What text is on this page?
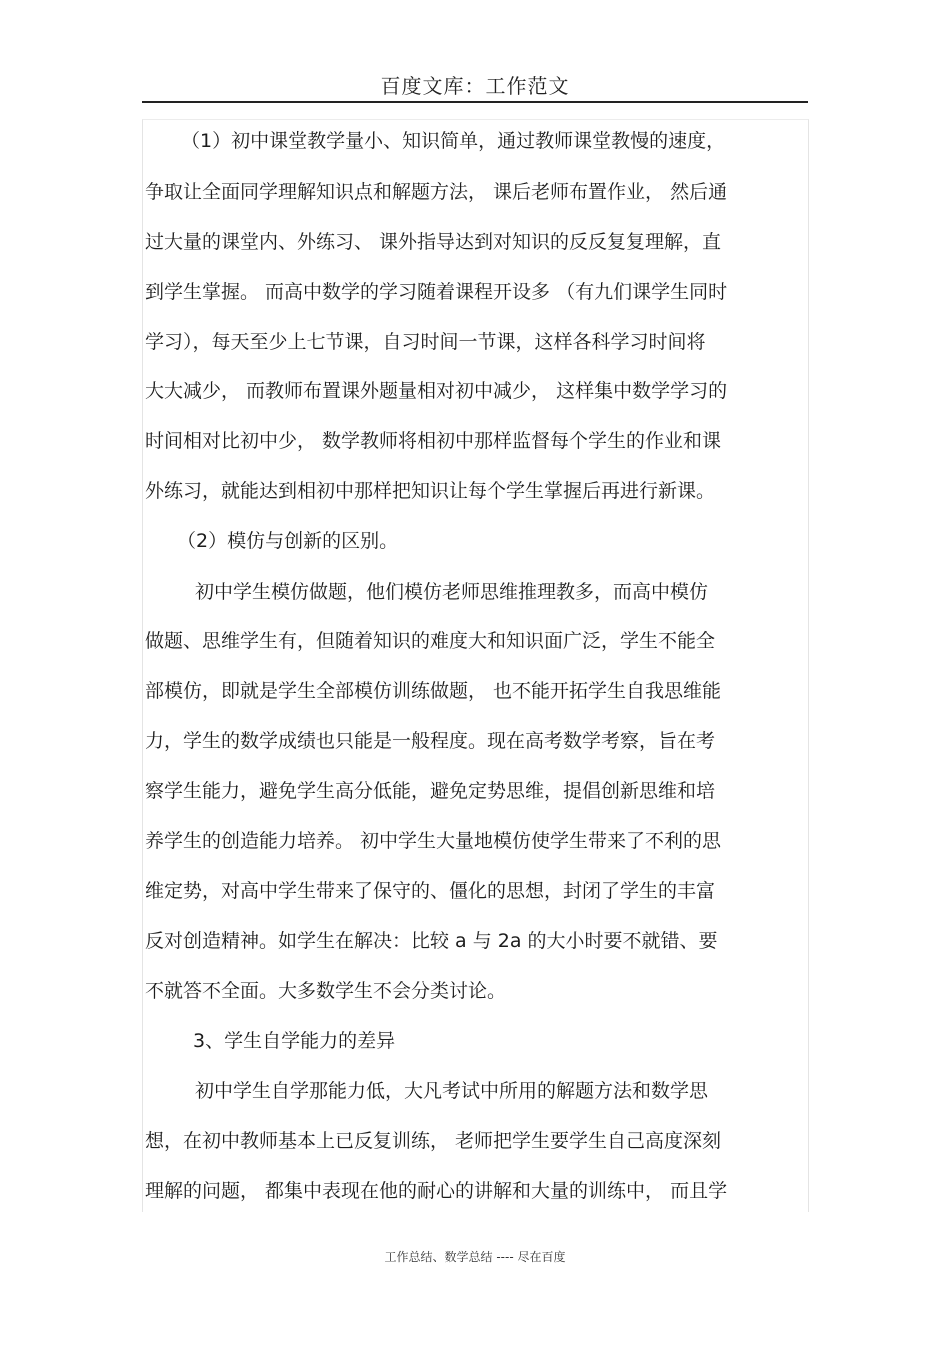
百度文库：工作范文
（1）初中课堂教学量小、知识简单，通过教师课堂教慢的速度，
争取让全面同学理解知识点和解题方法， 课后老师布置作业， 然后通
过大量的课堂内、外练习、 课外指导达到对知识的反反复复理解，直
到学生掌握。 而高中数学的学习随着课程开设多 （有九们课学生同时
学习），每天至少上七节课，自习时间一节课，这样各科学习时间将
大大减少， 而教师布置课外题量相对初中减少， 这样集中数学学习的
时间相对比初中少， 数学教师将相初中那样监督每个学生的作业和课
外练习，就能达到相初中那样把知识让每个学生掌握后再进行新课。
（2）模仿与创新的区别。
初中学生模仿做题，他们模仿老师思维推理教多，而高中模仿
做题、思维学生有，但随着知识的难度大和知识面广泛，学生不能全
部模仿，即就是学生全部模仿训练做题， 也不能开拓学生自我思维能
力，学生的数学成绩也只能是一般程度。现在高考数学考察，旨在考
察学生能力，避免学生高分低能，避免定势思维，提倡创新思维和培
养学生的创造能力培养。 初中学生大量地模仿使学生带来了不利的思
维定势，对高中学生带来了保守的、僵化的思想，封闭了学生的丰富
反对创造精神。如学生在解决：比较 a 与 2a 的大小时要不就错、要
不就答不全面。大多数学生不会分类讨论。
3、学生自学能力的差异
初中学生自学那能力低，大凡考试中所用的解题方法和数学思
想，在初中教师基本上已反复训练， 老师把学生要学生自己高度深刻
理解的问题， 都集中表现在他的耐心的讲解和大量的训练中， 而且学
工作总结、数学总结 ---- 尽在百度
